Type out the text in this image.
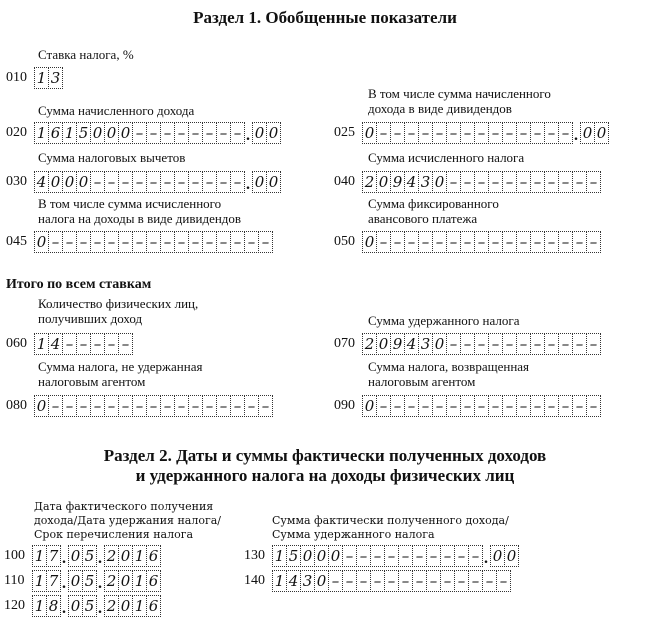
Раздел 1. Обобщенные показатели
Ставка налога, %
010 1 3
Сумма начисленного дохода
020 1 6 1 5 0 0 0 – – – – – – – – . 0 0
В том числе сумма начисленного
дохода в виде дивидендов
025 0 – – – – – – – – – – – – – – . 0 0
Сумма налоговых вычетов
030 4 0 0 0 – – – – – – – – – – – . 0 0
Сумма исчисленного налога
040 2 0 9 4 3 0 – – – – – – – – – – –
В том числе сумма исчисленного
налога на доходы в виде дивидендов
045 0 – – – – – – – – – – – – – – – –
Сумма фиксированного
авансового платежа
050 0 – – – – – – – – – – – – – – – –
Итого по всем ставкам
Количество физических лиц,
получивших доход
060 1 4 – – – – –
Сумма удержанного налога
070 2 0 9 4 3 0 – – – – – – – – – – –
Сумма налога, не удержанная
налоговым агентом
080 0 – – – – – – – – – – – – – – – –
Сумма налога, возвращенная
налоговым агентом
090 0 – – – – – – – – – – – – – – – –
Раздел 2. Даты и суммы фактически полученных доходов
и удержанного налога на доходы физических лиц
Дата фактического получения
дохода/Дата удержания налога/
Срок перечисления налога
Сумма фактически полученного дохода/
Сумма удержанного налога
100 1 7 . 0 5 . 2 0 1 6
110 1 7 . 0 5 . 2 0 1 6
120 1 8 . 0 5 . 2 0 1 6
130 1 5 0 0 0 – – – – – – – – – – . 0 0
140 1 4 3 0 – – – – – – – – – – – – –
